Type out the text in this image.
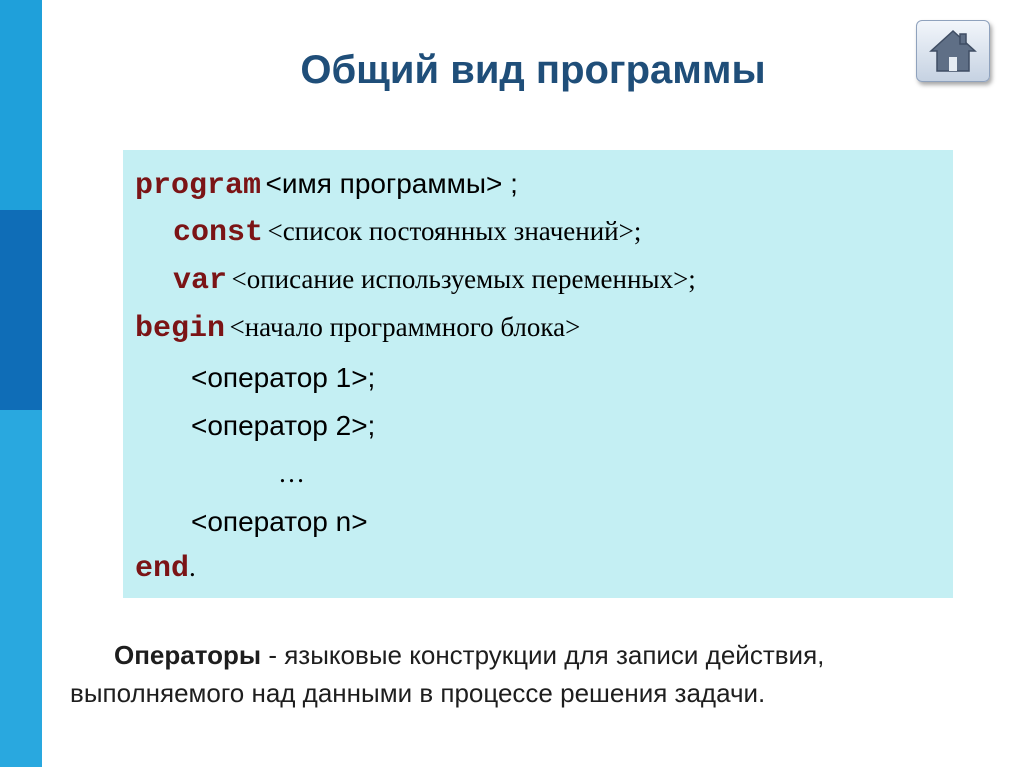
Общий вид программы
program <имя программы> ;
const <список постоянных значений>;
var <описание используемых переменных>;
begin <начало программного блока>
<оператор 1>;
<оператор 2>;
…
<оператор n>
end.
Операторы - языковые конструкции для записи действия,
выполняемого над данными в процессе решения задачи.
